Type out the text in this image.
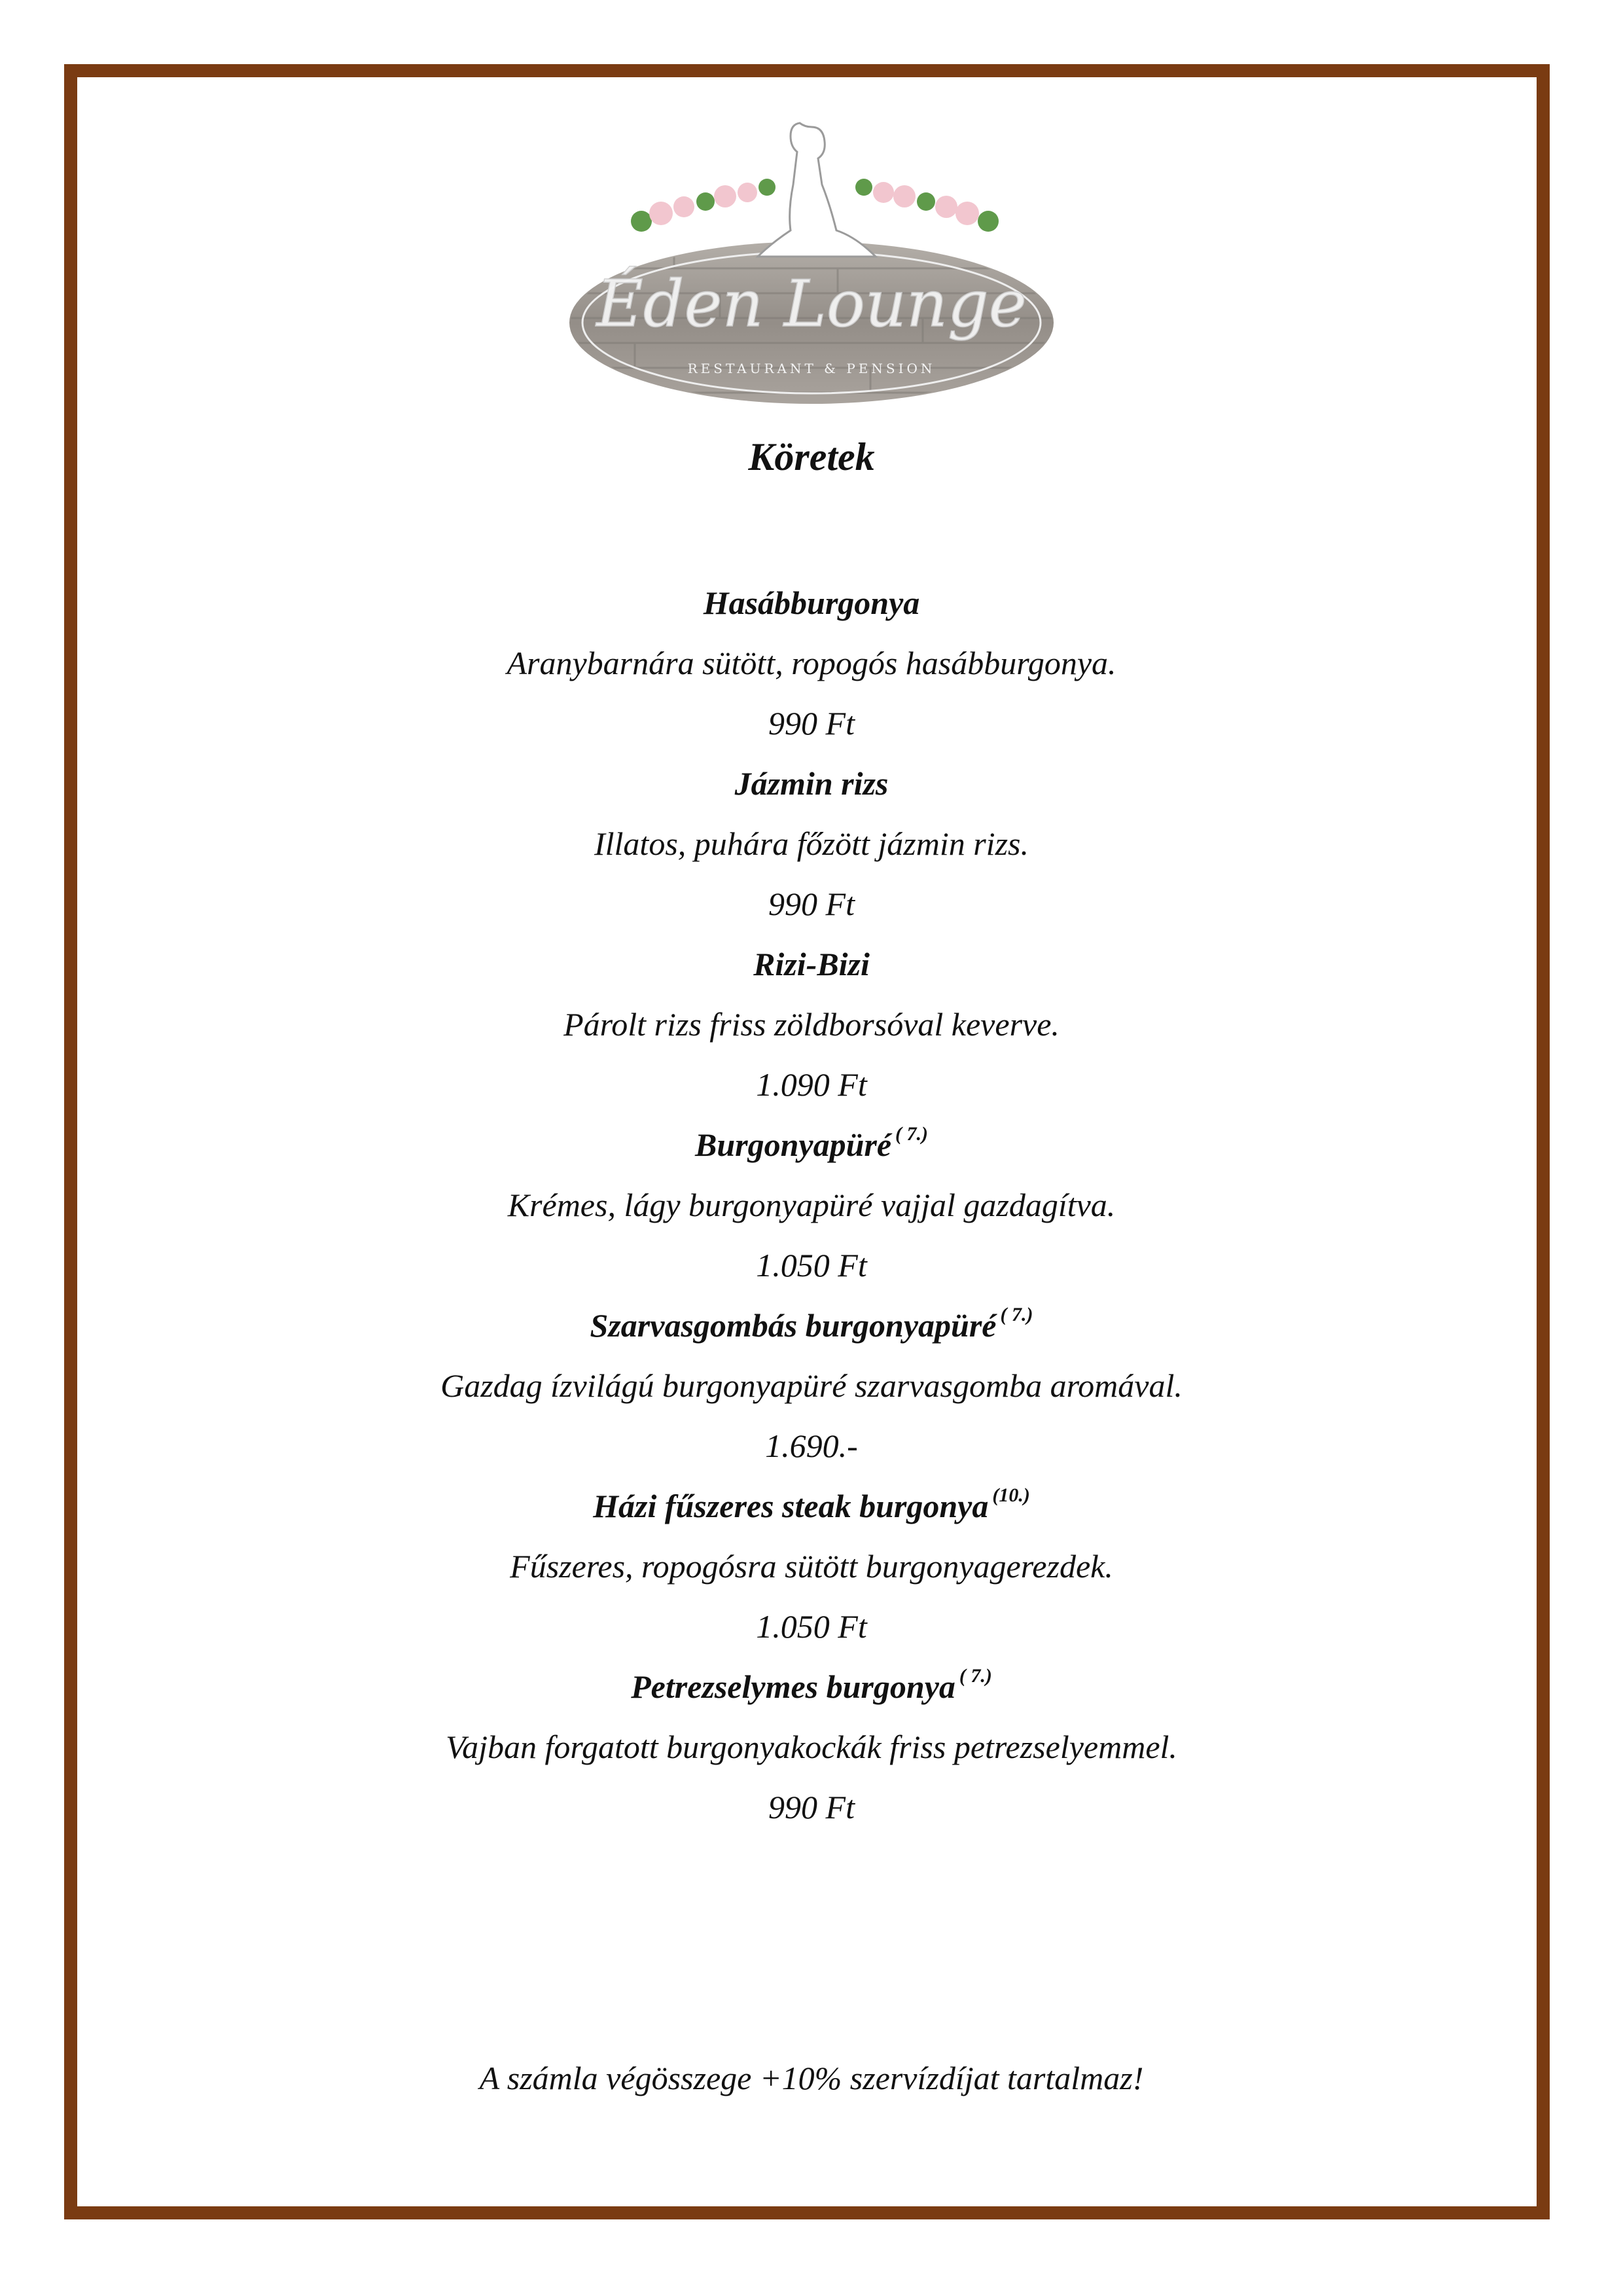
Éden Lounge
RESTAURANT & PENSION
Köretek
Hasábburgonya
Aranybarnára sütött, ropogós hasábburgonya.
990 Ft
Jázmin rizs
Illatos, puhára főzött jázmin rizs.
990 Ft
Rizi-Bizi
Párolt rizs friss zöldborsóval keverve.
1.090 Ft
Burgonyapüré $^{( 7.)}$
Krémes, lágy burgonyapüré vajjal gazdagítva.
1.050 Ft
Szarvasgombás burgonyapüré $^{( 7.)}$
Gazdag ízvilágú burgonyapüré szarvasgomba aromával.
1.690.-
Házi fűszeres steak burgonya $^{(10.)}$
Fűszeres, ropogósra sütött burgonyagerezdek.
1.050 Ft
Petrezselymes burgonya $^{( 7.)}$
Vajban forgatott burgonyakockák friss petrezselyemmel.
990 Ft
A számla végösszege +10% szervízdíjat tartalmaz!
